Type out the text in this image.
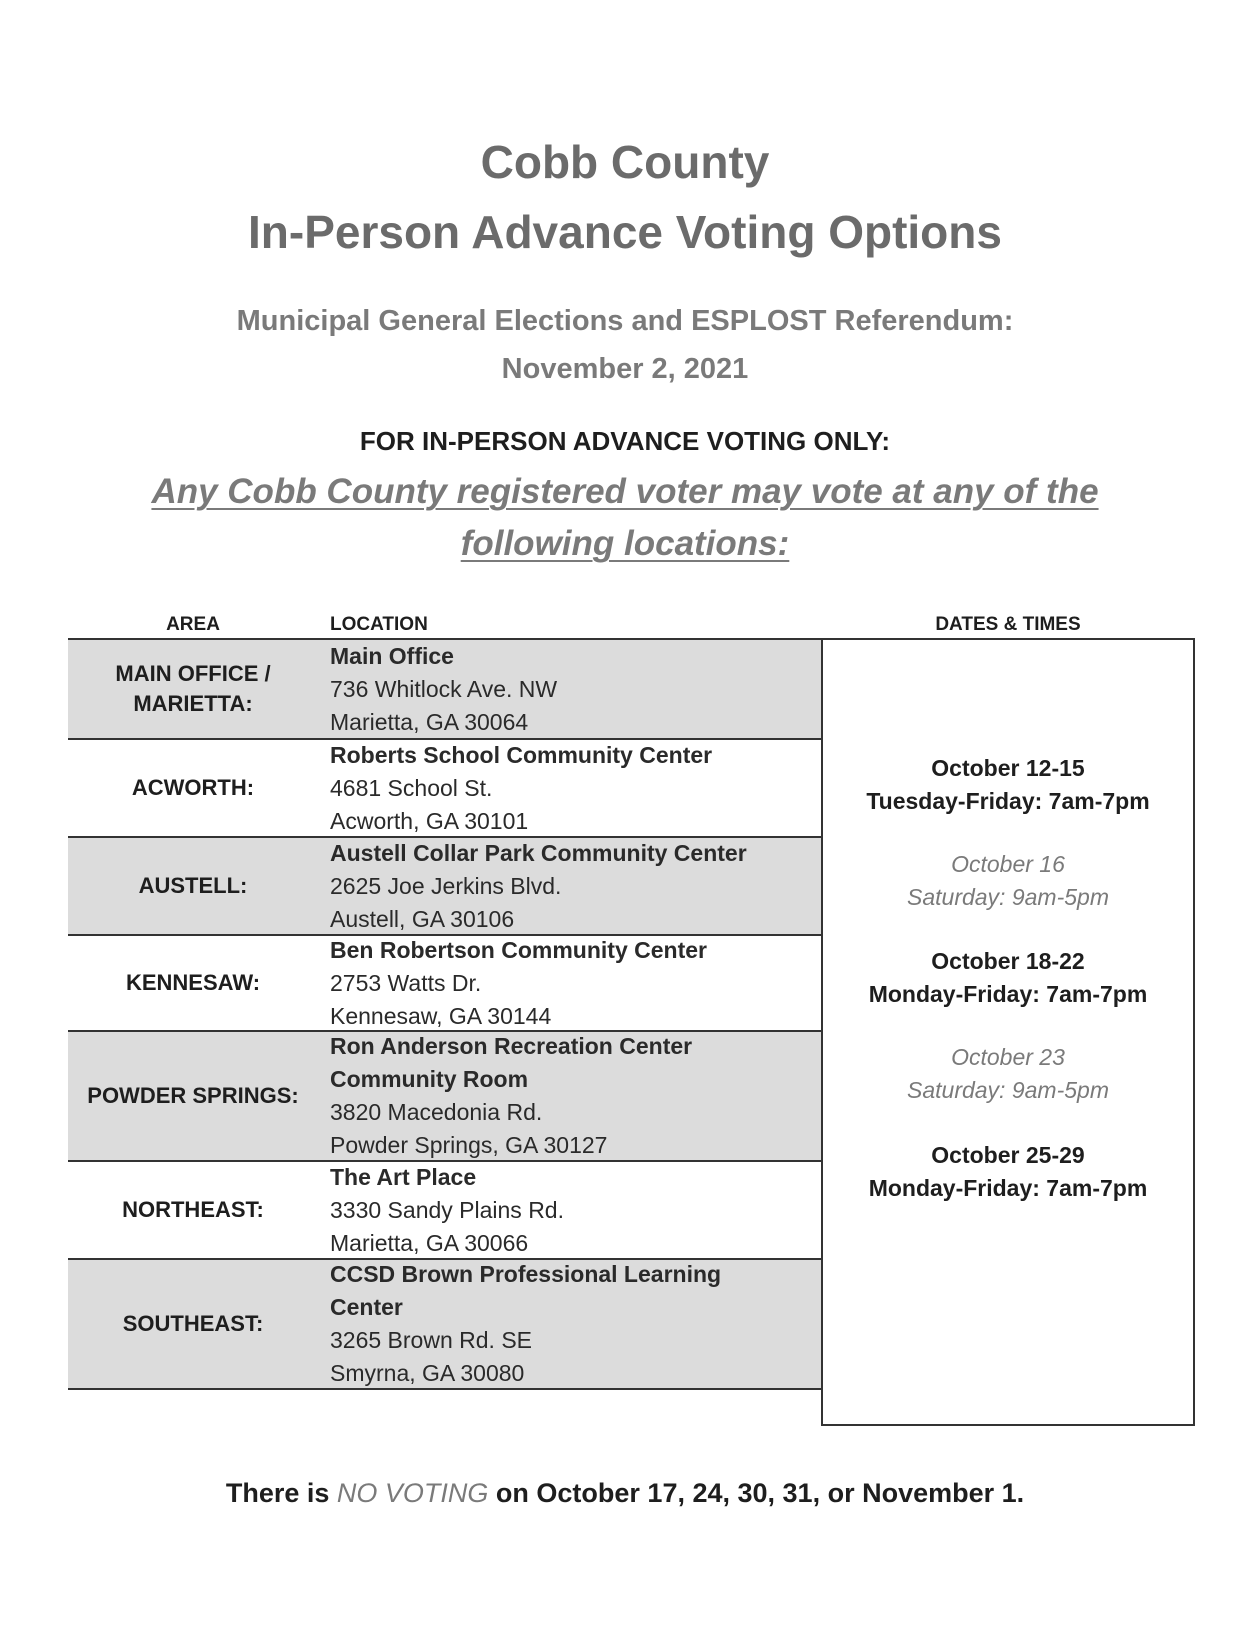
Cobb County
In-Person Advance Voting Options
Municipal General Elections and ESPLOST Referendum:
November 2, 2021

FOR IN-PERSON ADVANCE VOTING ONLY:

Any Cobb County registered voter may vote at any of the following locations:

AREA	LOCATION	DATES & TIMES
MAIN OFFICE / MARIETTA:
Main Office
736 Whitlock Ave. NW
Marietta, GA 30064
ACWORTH:
Roberts School Community Center
4681 School St.
Acworth, GA 30101
AUSTELL:
Austell Collar Park Community Center
2625 Joe Jerkins Blvd.
Austell, GA 30106
KENNESAW:
Ben Robertson Community Center
2753 Watts Dr.
Kennesaw, GA 30144
POWDER SPRINGS:
Ron Anderson Recreation Center
Community Room
3820 Macedonia Rd.
Powder Springs, GA 30127
NORTHEAST:
The Art Place
3330 Sandy Plains Rd.
Marietta, GA 30066
SOUTHEAST:
CCSD Brown Professional Learning
Center
3265 Brown Rd. SE
Smyrna, GA 30080
October 12-15
Tuesday-Friday: 7am-7pm
October 16
Saturday: 9am-5pm
October 18-22
Monday-Friday: 7am-7pm
October 23
Saturday: 9am-5pm
October 25-29
Monday-Friday: 7am-7pm

There is NO VOTING on October 17, 24, 30, 31, or November 1.
